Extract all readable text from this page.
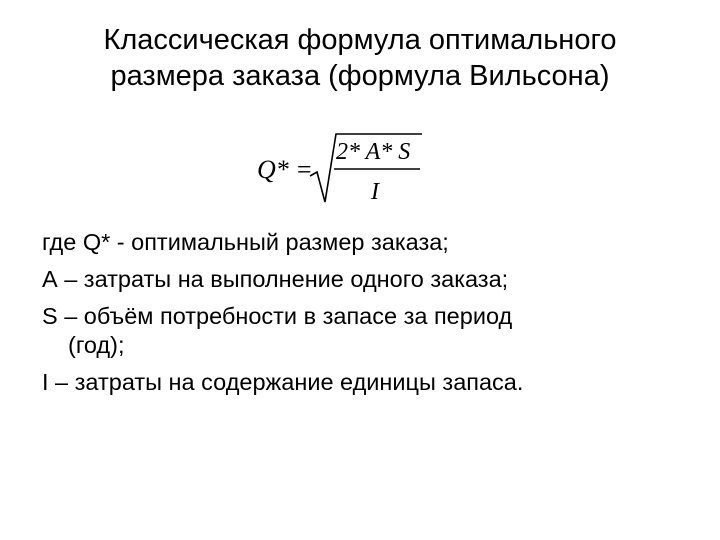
Классическая формула оптимального
размера заказа (формула Вильсона)
Q* =
2* A* S
I
где Q* - оптимальный размер заказа;
А – затраты на выполнение одного заказа;
S – объём потребности в запасе за период
(год);
I – затраты на содержание единицы запаса.
